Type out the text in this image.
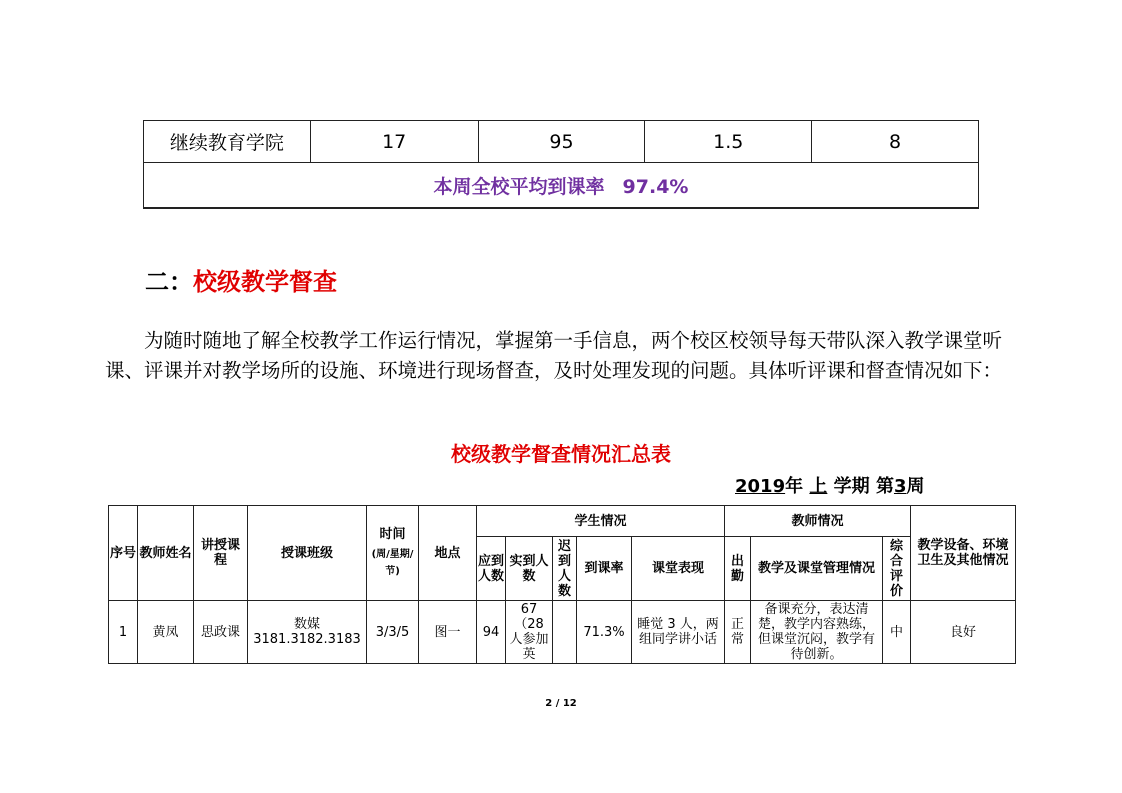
继续教育学院	17	95	1.5	8
本周全校平均到课率 97.4%
二：校级教学督查
为随时随地了解全校教学工作运行情况，掌握第一手信息，两个校区校领导每天带队深入教学课堂听课、评课并对教学场所的设施、环境进行现场督查，及时处理发现的问题。具体听评课和督查情况如下：
校级教学督查情况汇总表
2019年 上 学期 第3周
序号	教师姓名	讲授课程	授课班级	时间
(周/星期/节)	地点	学生情况					教师情况			教学设备、环境卫生及其他情况
						应到人数	实到人数	迟到人数	到课率	课堂表现	出勤	教学及课堂管理情况	综合评价	
1	黄凤	思政课	数媒 3181.3182.3183	3/3/5	图一	94	67 （28 人参加英		71.3%	睡觉 3 人，两组同学讲小话	正常	备课充分，表达清楚，教学内容熟练，但课堂沉闷，教学有待创新。	中	良好
2 / 12
